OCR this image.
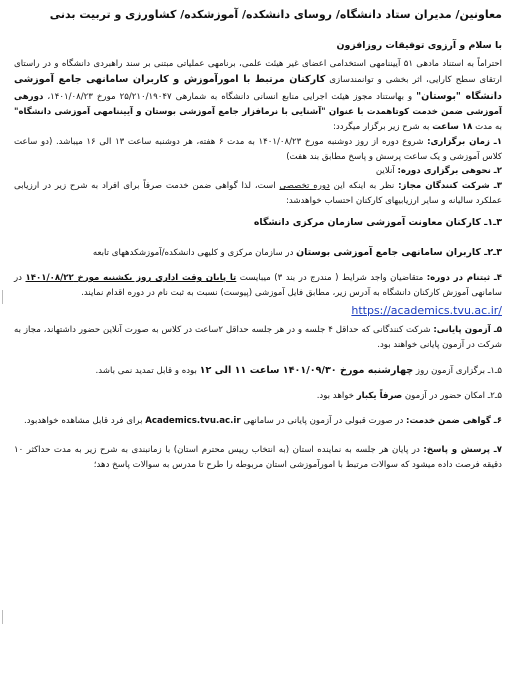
معاونین/ مدیران ستاد دانشگاه/ روسای دانشکده/ آموزشکده/ کشاورزی و تربیت بدنی
با سلام و آرزوی توفیقات روزافزون

احتراماً به استناد مادهی ۵۱ آییننامهی استخدامی اعضای غیر هیئت علمی، برنامهی عملیاتی مبتنی بر سند راهبردی دانشگاه و در راستای ارتقای سطح کارایی، اثر بخشی و توانمندسازی کارکنان مرتبط با امورآموزش و کاربران سامانهی جامع آموزشی دانشگاه "بوستان" و بهاستناد مجوز هیئت اجرایی منابع انسانی دانشگاه به شمارهی ۲۵/۲۱۰/۱۹۰۴۷ مورخ ۱۴۰۱/۰۸/۲۳، دورهی آموزشی ضمن خدمت کوتاهمدت با عنوان "آشنایی با نرمافزار جامع آموزشی بوستان و آییننامهی آموزشی دانشگاه" به مدت ۱۸ ساعت به شرح زیر برگزار میگردد:

۱ـ زمان برگزاری: شروع دوره از روز دوشنبه مورخ ۱۴۰۱/۰۸/۲۳ به مدت ۶ هفته، هر دوشنبه ساعت ۱۳ الی ۱۶ میباشد. (دو ساعت کلاس آموزشی و یک ساعت پرسش و پاسخ مطابق بند هفت)

۲ـ نحوهی برگزاری دوره: آنلاین

۳ـ شرکت کنندگان مجاز: نظر به اینکه این دوره تخصصی است، لذا گواهی ضمن خدمت صرفاً برای افراد به شرح زیر در ارزیابی عملکرد سالیانه و سایر ارزیابیهای کارکنان احتساب خواهدشد:

۳ـ۱ـ کارکنان معاونت آموزشی سازمان مرکزی دانشگاه

۳ـ۲ـ کاربران سامانهی جامع آموزشی بوستان در سازمان مرکزی و کلیهی دانشکده/آموزشکدههای تابعه

۴ـ ثبتنام در دوره: متقاضیان واجد شرایط ( مندرج در بند ۳) میبایست تا پایان وقت اداری روز یکشنبه مورخ ۱۴۰۱/۰۸/۲۲ در سامانهی آموزش کارکنان دانشگاه به آدرس زیر، مطابق فایل آموزشی (پیوست) نسبت به ثبت نام در دوره اقدام نمایند.

https://academics.tvu.ac.ir/

۵ـ آزمون پایانی: شرکت کنندگانی که حداقل ۴ جلسه و در هر جلسه حداقل ۲ساعت در کلاس به صورت آنلاین حضور داشتهاند، مجاز به شرکت در آزمون پایانی خواهند بود.

۵ـ۱ـ برگزاری آزمون روز چهارشنبه مورخ ۱۴۰۱/۰۹/۳۰ ساعت ۱۱ الی ۱۲ بوده و قابل تمدید نمی باشد.

۵ـ۲ـ امکان حضور در آزمون صرفاً یکبار خواهد بود.

۶ـ گواهی ضمن خدمت: در صورت قبولی در آزمون پایانی در سامانهی Academics.tvu.ac.ir برای فرد قابل مشاهده خواهدبود.

۷ـ پرسش و پاسخ: در پایان هر جلسه به نماینده استان (به انتخاب رییس محترم استان) با زمانبندی به شرح زیر به مدت حداکثر ۱۰ دقیقه فرصت داده میشود که سوالات مرتبط با امورآموزشی استان مربوطه را طرح تا مدرس به سوالات پاسخ دهد؛
